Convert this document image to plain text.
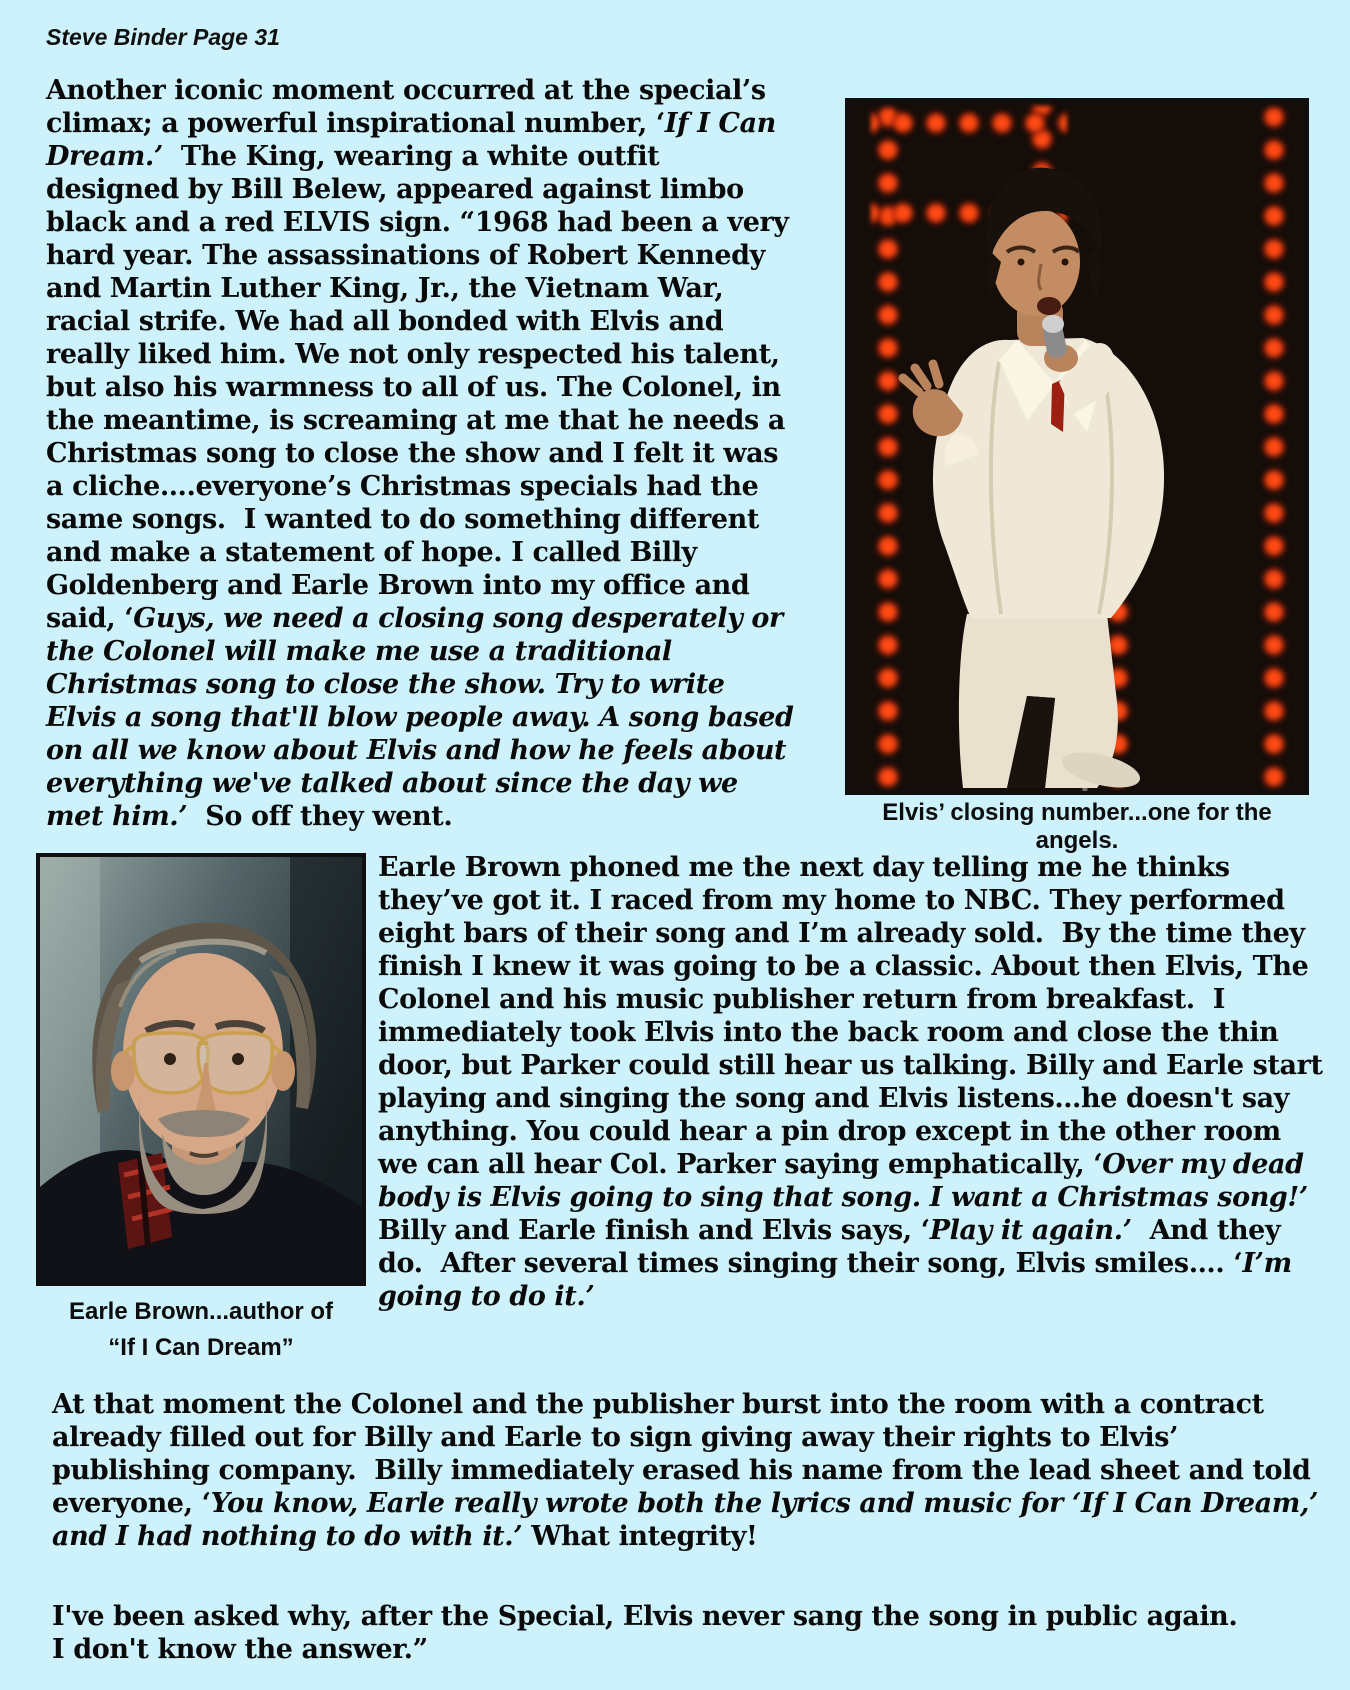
Steve Binder Page 31
Another iconic moment occurred at the special’s climax; a powerful inspirational number, ‘If I Can Dream.’  The King, wearing a white outfit designed by Bill Belew, appeared against limbo black and a red ELVIS sign. “1968 had been a very hard year. The assassinations of Robert Kennedy and Martin Luther King, Jr., the Vietnam War, racial strife. We had all bonded with Elvis and really liked him. We not only respected his talent, but also his warmness to all of us. The Colonel, in the meantime, is screaming at me that he needs a Christmas song to close the show and I felt it was a cliche….everyone’s Christmas specials had the same songs.  I wanted to do something different and make a statement of hope. I called Billy Goldenberg and Earle Brown into my office and said, ‘Guys, we need a closing song desperately or the Colonel will make me use a traditional Christmas song to close the show. Try to write Elvis a song that'll blow people away. A song based on all we know about Elvis and how he feels about everything we've talked about since the day we met him.’  So off they went.	Elvis’ closing number...one for the angels.
Earle Brown...author of
“If I Can Dream”
Earle Brown phoned me the next day telling me he thinks they’ve got it. I raced from my home to NBC. They performed eight bars of their song and I’m already sold.  By the time they finish I knew it was going to be a classic. About then Elvis, The Colonel and his music publisher return from breakfast.  I immediately took Elvis into the back room and close the thin door, but Parker could still hear us talking. Billy and Earle start playing and singing the song and Elvis listens…he doesn't say anything. You could hear a pin drop except in the other room we can all hear Col. Parker saying emphatically, ‘Over my dead body is Elvis going to sing that song. I want a Christmas song!’ Billy and Earle finish and Elvis says, ‘Play it again.’  And they do.  After several times singing their song, Elvis smiles…. ‘I’m going to do it.’
At that moment the Colonel and the publisher burst into the room with a contract already filled out for Billy and Earle to sign giving away their rights to Elvis’ publishing company.  Billy immediately erased his name from the lead sheet and told everyone, ‘You know, Earle really wrote both the lyrics and music for ‘If I Can Dream,’ and I had nothing to do with it.’ What integrity!
I've been asked why, after the Special, Elvis never sang the song in public again.
I don't know the answer.”
